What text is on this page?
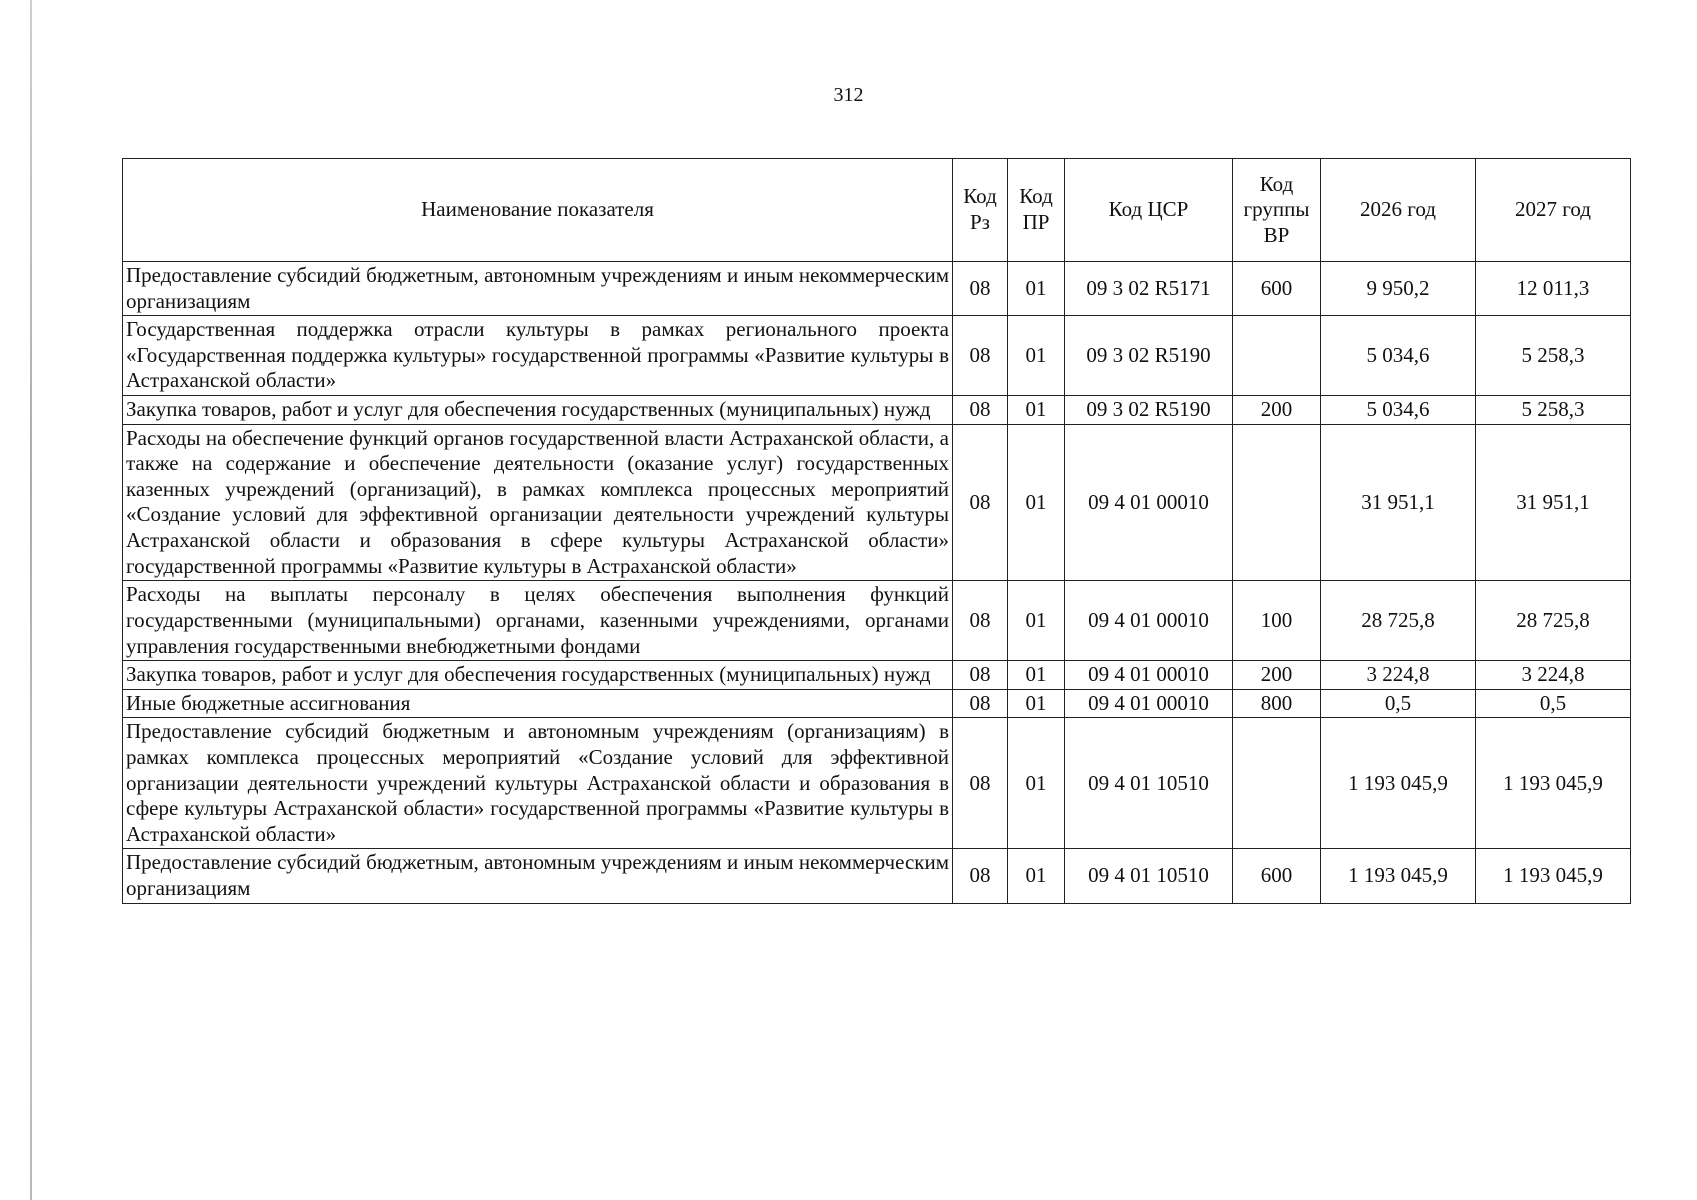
312
Наименование показателя	Код Рз	Код ПР	Код ЦСР	Код группы ВР	2026 год	2027 год
Предоставление субсидий бюджетным, автономным учреждениям и иным некоммерческим организациям	08	01	09 3 02 R5171	600	9 950,2	12 011,3
Государственная поддержка отрасли культуры в рамках регионального проекта «Государственная поддержка культуры» государственной программы «Развитие культуры в Астраханской области»	08	01	09 3 02 R5190		5 034,6	5 258,3
Закупка товаров, работ и услуг для обеспечения государственных (муниципальных) нужд	08	01	09 3 02 R5190	200	5 034,6	5 258,3
Расходы на обеспечение функций органов государственной власти Астраханской области, а также на содержание и обеспечение деятельности (оказание услуг) государственных казенных учреждений (организаций), в рамках комплекса процессных мероприятий «Создание условий для эффективной организации деятельности учреждений культуры Астраханской области и образования в сфере культуры Астраханской области» государственной программы «Развитие культуры в Астраханской области»	08	01	09 4 01 00010		31 951,1	31 951,1
Расходы на выплаты персоналу в целях обеспечения выполнения функций государственными (муниципальными) органами, казенными учреждениями, органами управления государственными внебюджетными фондами	08	01	09 4 01 00010	100	28 725,8	28 725,8
Закупка товаров, работ и услуг для обеспечения государственных (муниципальных) нужд	08	01	09 4 01 00010	200	3 224,8	3 224,8
Иные бюджетные ассигнования	08	01	09 4 01 00010	800	0,5	0,5
Предоставление субсидий бюджетным и автономным учреждениям (организациям) в рамках комплекса процессных мероприятий «Создание условий для эффективной организации деятельности учреждений культуры Астраханской области и образования в сфере культуры Астраханской области» государственной программы «Развитие культуры в Астраханской области»	08	01	09 4 01 10510		1 193 045,9	1 193 045,9
Предоставление субсидий бюджетным, автономным учреждениям и иным некоммерческим организациям	08	01	09 4 01 10510	600	1 193 045,9	1 193 045,9
